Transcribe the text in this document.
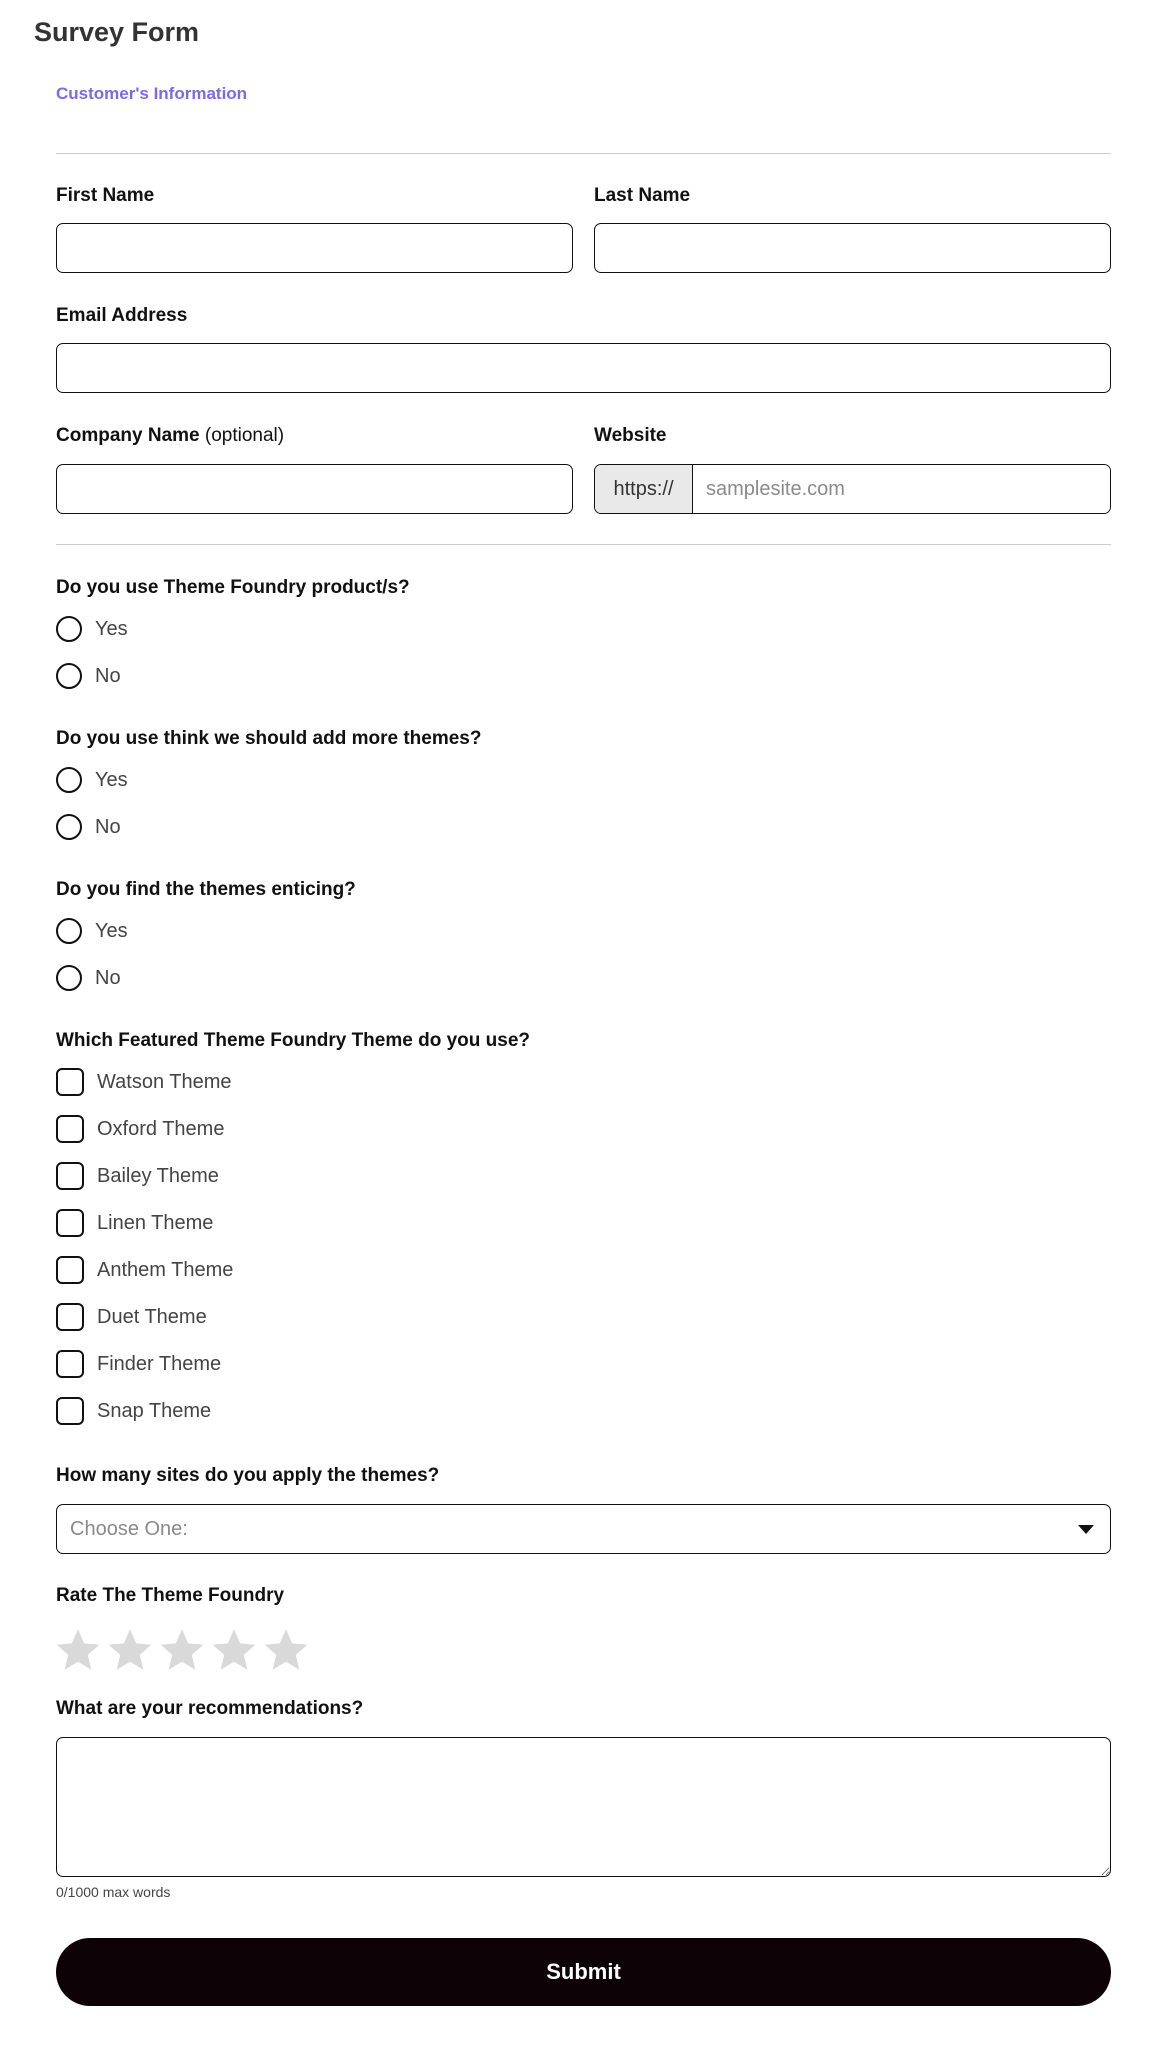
Survey Form
Customer's Information
First Name	Last Name
Email Address
Company Name (optional)	Website
https://
samplesite.com
Do you use Theme Foundry product/s?
Yes
No
Do you use think we should add more themes?
Yes
No
Do you find the themes enticing?
Yes
No
Which Featured Theme Foundry Theme do you use?
Watson Theme
Oxford Theme
Bailey Theme
Linen Theme
Anthem Theme
Duet Theme
Finder Theme
Snap Theme
How many sites do you apply the themes?
Choose One:
Rate The Theme Foundry
What are your recommendations?
0/1000 max words
Submit
